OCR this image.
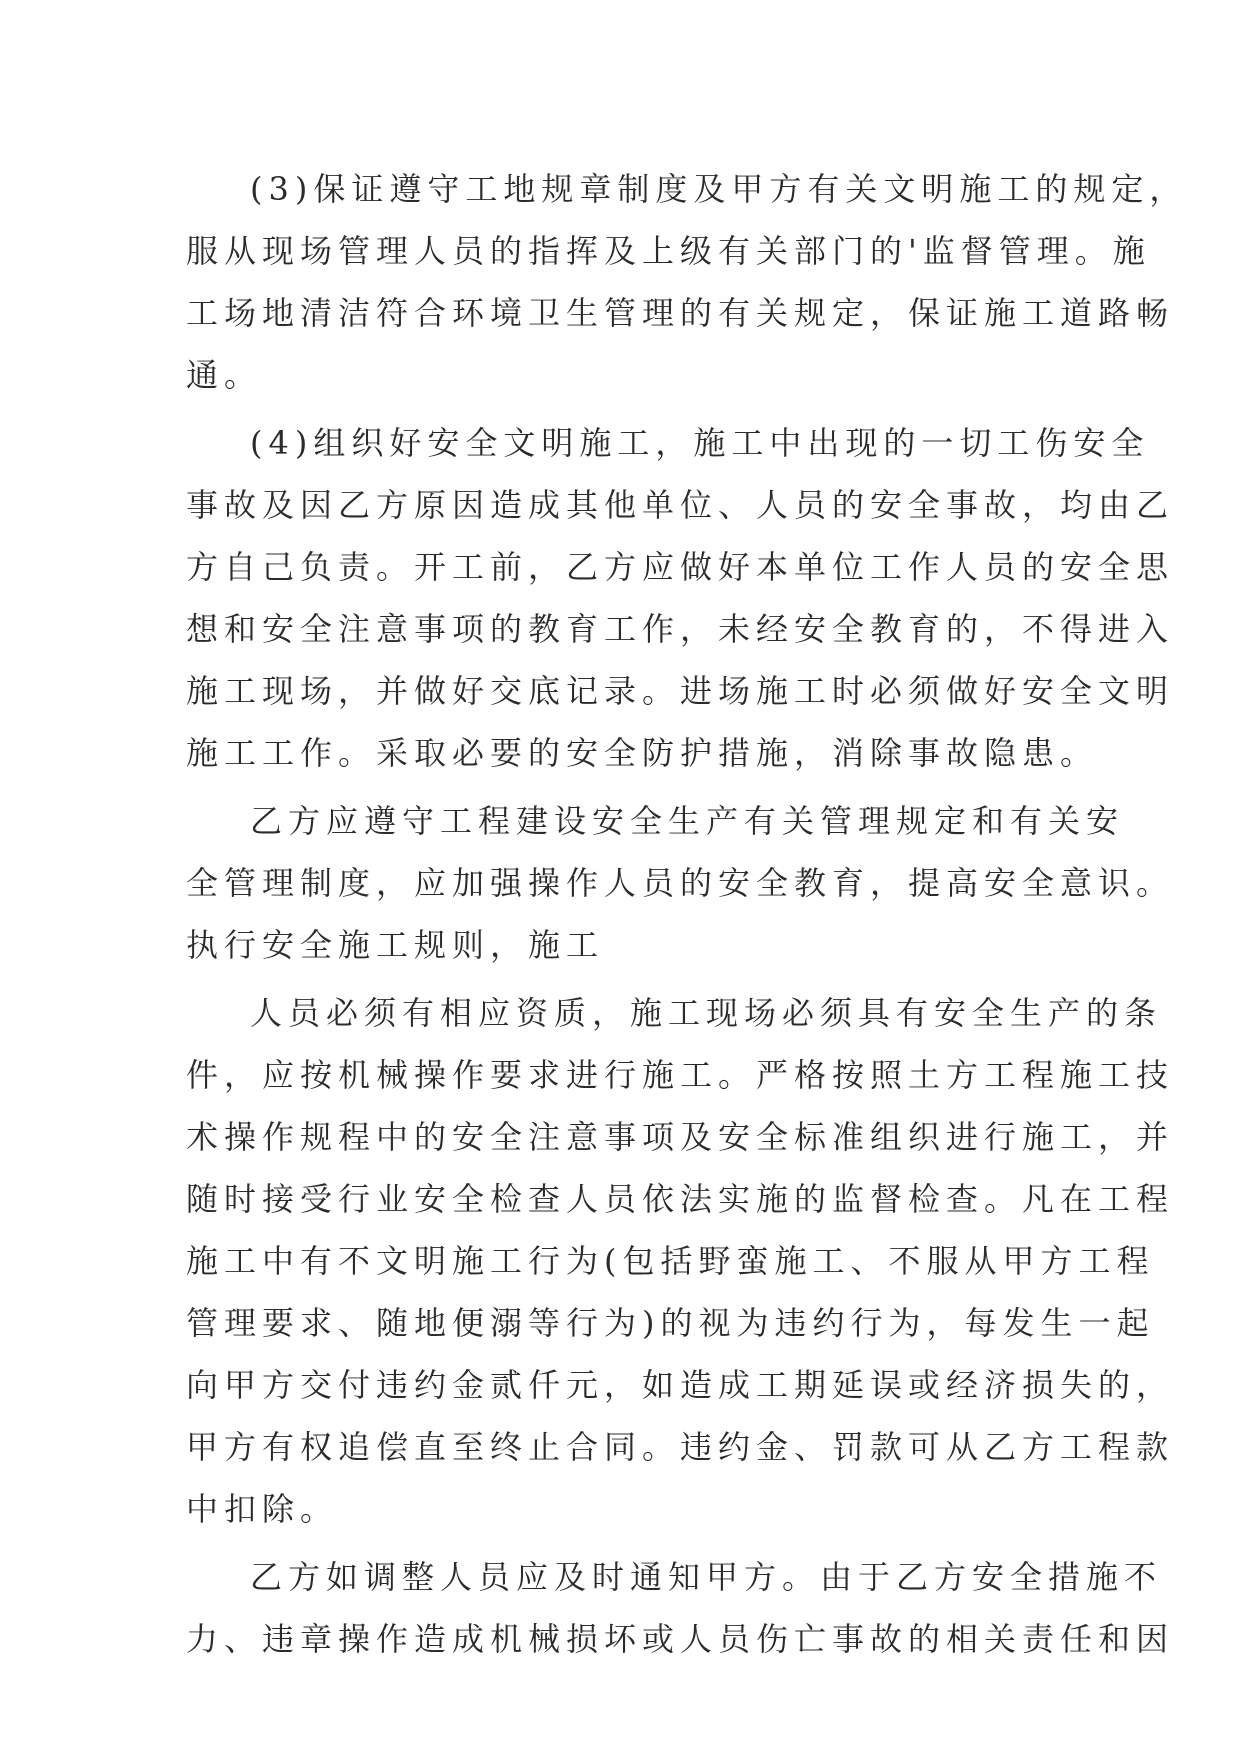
(3)保证遵守工地规章制度及甲方有关文明施工的规定，
服从现场管理人员的指挥及上级有关部门的'监督管理。施
工场地清洁符合环境卫生管理的有关规定，保证施工道路畅
通。
(4)组织好安全文明施工，施工中出现的一切工伤安全
事故及因乙方原因造成其他单位、人员的安全事故，均由乙
方自己负责。开工前，乙方应做好本单位工作人员的安全思
想和安全注意事项的教育工作，未经安全教育的，不得进入
施工现场，并做好交底记录。进场施工时必须做好安全文明
施工工作。采取必要的安全防护措施，消除事故隐患。
乙方应遵守工程建设安全生产有关管理规定和有关安
全管理制度，应加强操作人员的安全教育，提高安全意识。
执行安全施工规则，施工
人员必须有相应资质，施工现场必须具有安全生产的条
件，应按机械操作要求进行施工。严格按照土方工程施工技
术操作规程中的安全注意事项及安全标准组织进行施工，并
随时接受行业安全检查人员依法实施的监督检查。凡在工程
施工中有不文明施工行为(包括野蛮施工、不服从甲方工程
管理要求、随地便溺等行为)的视为违约行为，每发生一起
向甲方交付违约金贰仟元，如造成工期延误或经济损失的，
甲方有权追偿直至终止合同。违约金、罚款可从乙方工程款
中扣除。
乙方如调整人员应及时通知甲方。由于乙方安全措施不
力、违章操作造成机械损坏或人员伤亡事故的相关责任和因
